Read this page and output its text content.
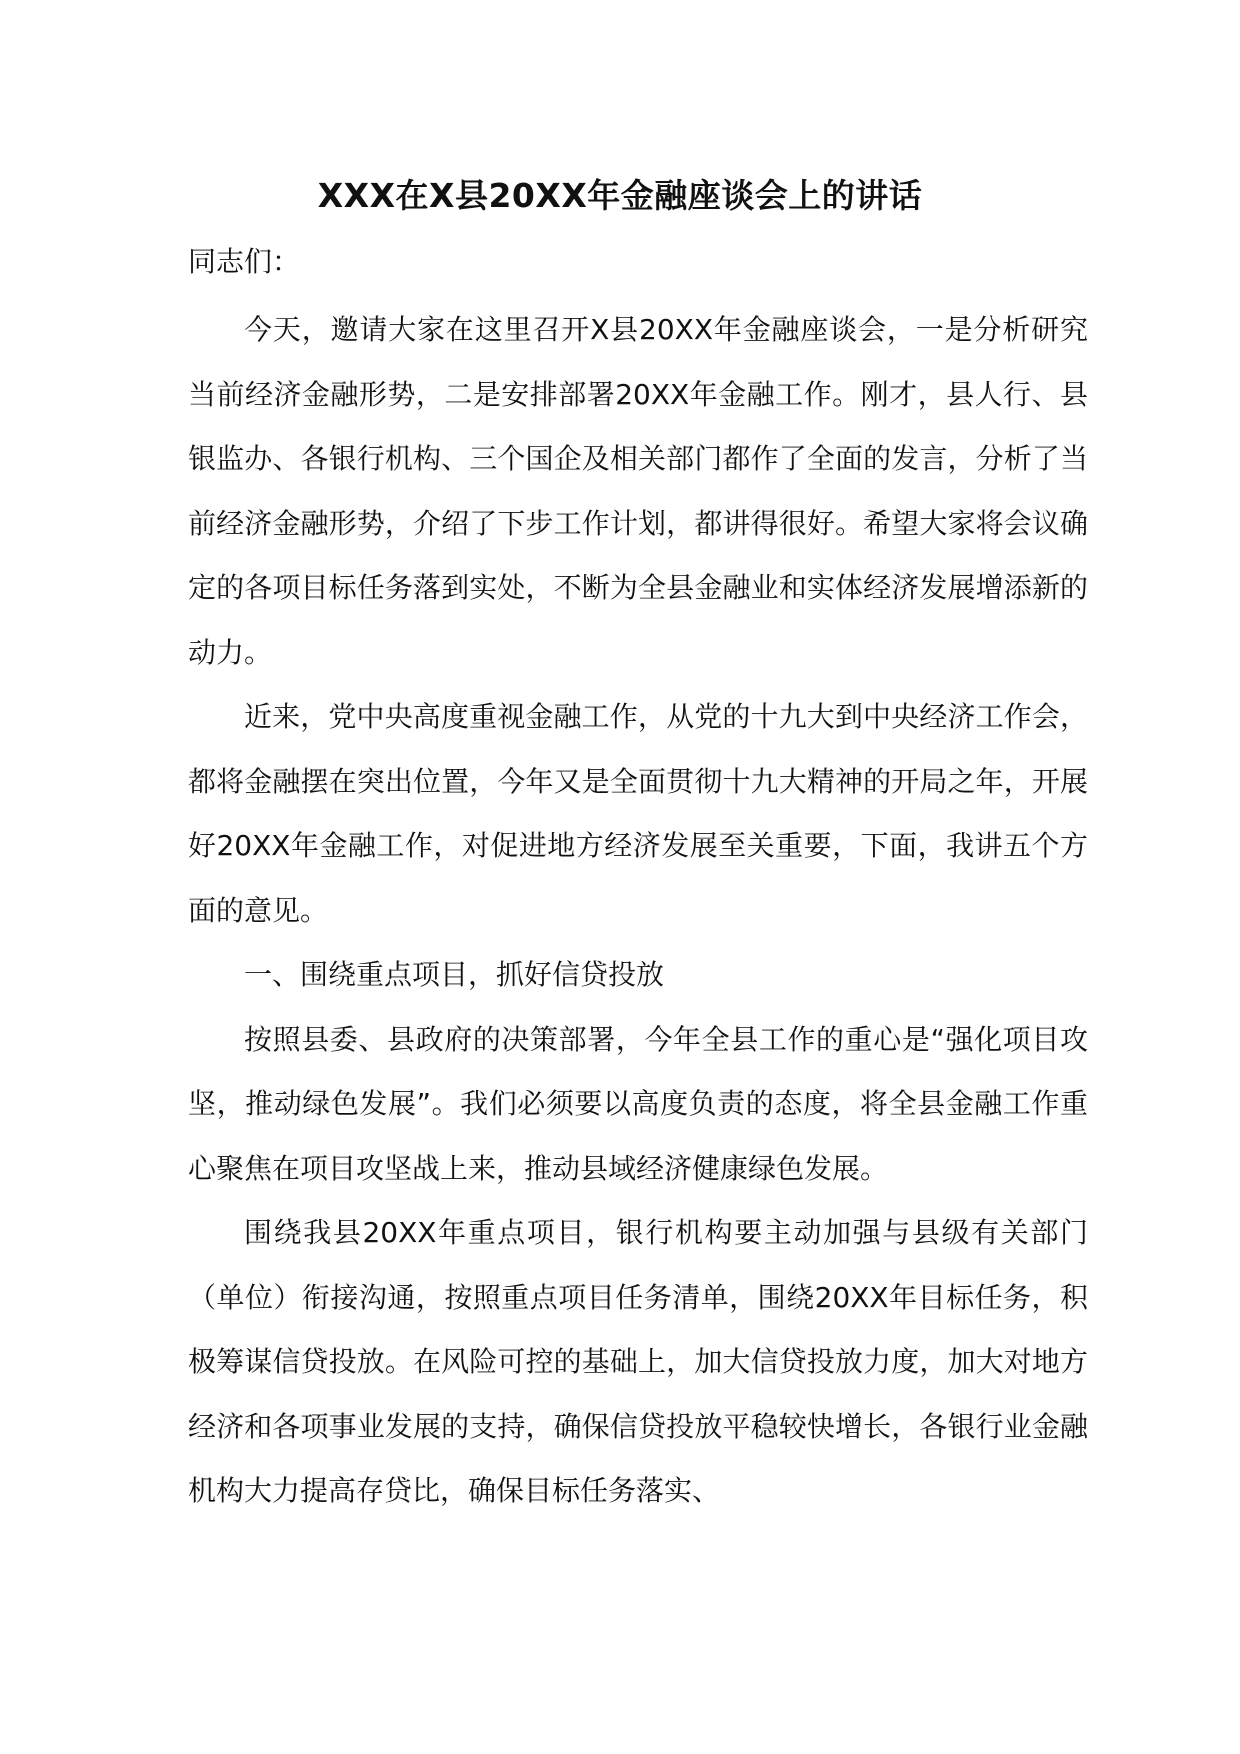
XXX在X县20XX年金融座谈会上的讲话
同志们：

今天，邀请大家在这里召开X县20XX年金融座谈会，一是分析研究当前经济金融形势，二是安排部署20XX年金融工作。刚才，县人行、县银监办、各银行机构、三个国企及相关部门都作了全面的发言，分析了当前经济金融形势，介绍了下步工作计划，都讲得很好。希望大家将会议确定的各项目标任务落到实处，不断为全县金融业和实体经济发展增添新的动力。

近来，党中央高度重视金融工作，从党的十九大到中央经济工作会，都将金融摆在突出位置，今年又是全面贯彻十九大精神的开局之年，开展好20XX年金融工作，对促进地方经济发展至关重要，下面，我讲五个方面的意见。

一、围绕重点项目，抓好信贷投放

按照县委、县政府的决策部署，今年全县工作的重心是“强化项目攻坚，推动绿色发展”。我们必须要以高度负责的态度，将全县金融工作重心聚焦在项目攻坚战上来，推动县域经济健康绿色发展。

围绕我县20XX年重点项目，银行机构要主动加强与县级有关部门（单位）衔接沟通，按照重点项目任务清单，围绕20XX年目标任务，积极筹谋信贷投放。在风险可控的基础上，加大信贷投放力度，加大对地方经济和各项事业发展的支持，确保信贷投放平稳较快增长，各银行业金融机构大力提高存贷比，确保目标任务落实、
